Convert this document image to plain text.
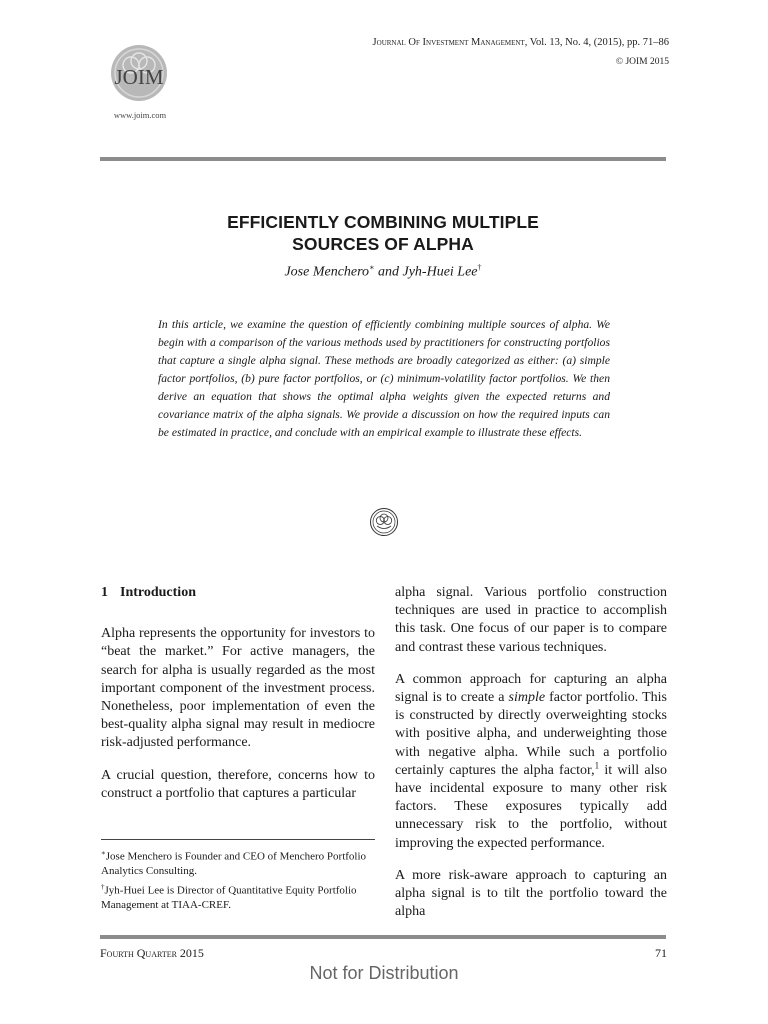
JOIM
www.joim.com
Journal Of Investment Management, Vol. 13, No. 4, (2015), pp. 71–86
© JOIM 2015
EFFICIENTLY COMBINING MULTIPLE
SOURCES OF ALPHA
Jose Menchero∗ and Jyh-Huei Lee†
In this article, we examine the question of efficiently combining multiple sources of alpha. We begin with a comparison of the various methods used by practitioners for constructing portfolios that capture a single alpha signal. These methods are broadly categorized as either: (a) simple factor portfolios, (b) pure factor portfolios, or (c) minimum-volatility factor portfolios. We then derive an equation that shows the optimal alpha weights given the expected returns and covariance matrix of the alpha signals. We provide a discussion on how the required inputs can be estimated in practice, and conclude with an empirical example to illustrate these effects.
1 Introduction

Alpha represents the opportunity for investors to “beat the market.” For active managers, the search for alpha is usually regarded as the most important component of the investment process. Nonetheless, poor implementation of even the best-quality alpha signal may result in mediocre risk-adjusted performance.

A crucial question, therefore, concerns how to construct a portfolio that captures a particular

∗Jose Menchero is Founder and CEO of Menchero Portfolio Analytics Consulting.
†Jyh-Huei Lee is Director of Quantitative Equity Portfolio Management at TIAA-CREF.

alpha signal. Various portfolio construction techniques are used in practice to accomplish this task. One focus of our paper is to compare and contrast these various techniques.

A common approach for capturing an alpha signal is to create a simple factor portfolio. This is constructed by directly overweighting stocks with positive alpha, and underweighting those with negative alpha. While such a portfolio certainly captures the alpha factor,$^1$ it will also have incidental exposure to many other risk factors. These exposures typically add unnecessary risk to the portfolio, without improving the expected performance.

A more risk-aware approach to capturing an alpha signal is to tilt the portfolio toward the alpha

Fourth Quarter 2015	71
Not for Distribution
